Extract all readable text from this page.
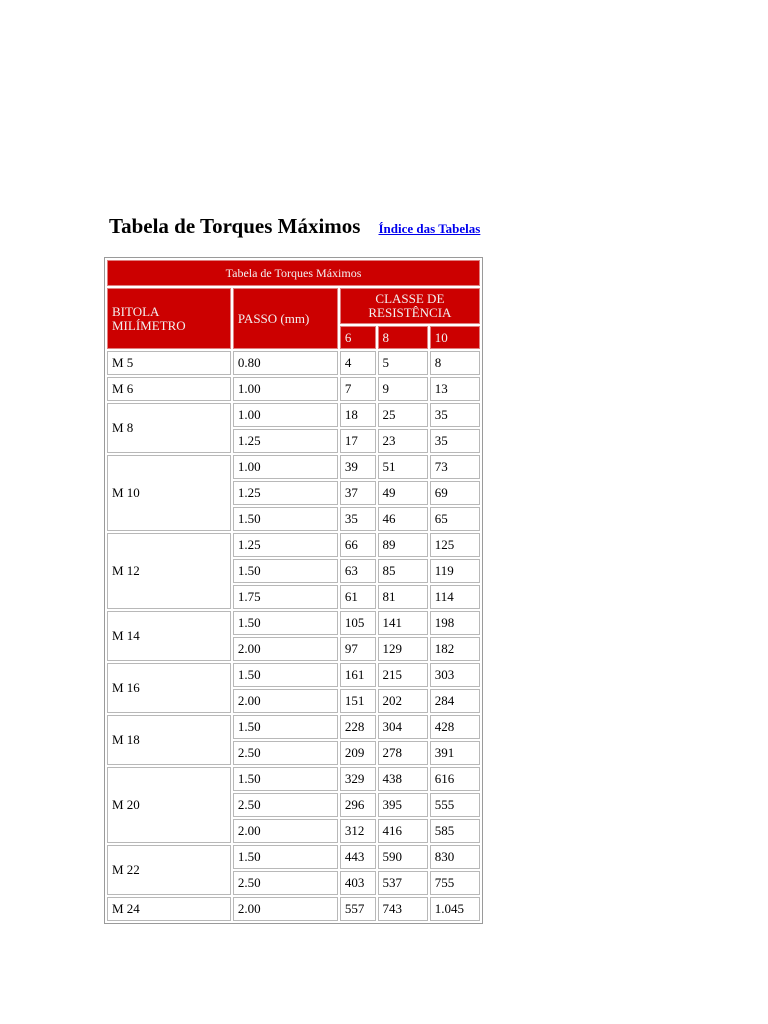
Tabela de Torques Máximos Índice das Tabelas
Tabela de Torques Máximos				
BITOLA MILÍMETRO	PASSO (mm)	CLASSE DE RESISTÊNCIA		
		6	8	10
M 5	0.80	4	5	8
M 6	1.00	7	9	13
M 8	1.00	18	25	35
	1.25	17	23	35
M 10	1.00	39	51	73
	1.25	37	49	69
	1.50	35	46	65
M 12	1.25	66	89	125
	1.50	63	85	119
	1.75	61	81	114
M 14	1.50	105	141	198
	2.00	97	129	182
M 16	1.50	161	215	303
	2.00	151	202	284
M 18	1.50	228	304	428
	2.50	209	278	391
M 20	1.50	329	438	616
	2.50	296	395	555
	2.00	312	416	585
M 22	1.50	443	590	830
	2.50	403	537	755
M 24	2.00	557	743	1.045
